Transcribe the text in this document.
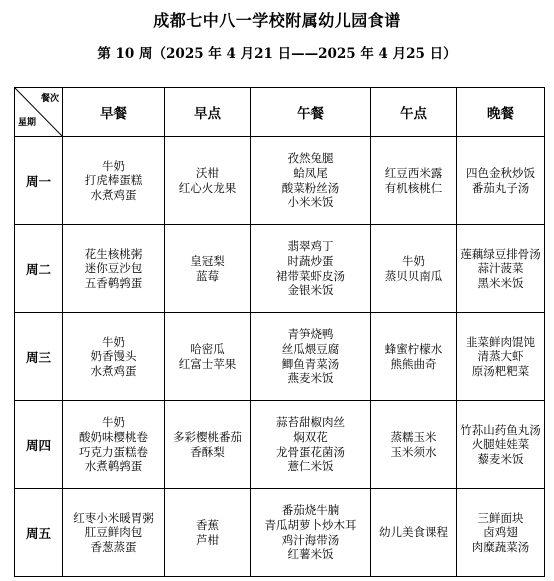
成都七中八一学校附属幼儿园食谱
第 10 周（2025 年 4 月21 日——2025 年 4 月25 日）
餐次
星期	早餐	早点	午餐	午点	晚餐
周一	牛奶
打虎棒蛋糕
水煮鸡蛋	沃柑
红心火龙果	孜然兔腿
蛤凤尾
酸菜粉丝汤
小米米饭	红豆西米露
有机核桃仁	四色金秋炒饭
番茄丸子汤

周二	花生核桃粥
迷你豆沙包
五香鹌鹑蛋	皇冠梨
蓝莓	翡翠鸡丁
时蔬炒蛋
裙带菜虾皮汤
金银米饭	牛奶
蒸贝贝南瓜	莲藕绿豆排骨汤
蒜汁菠菜
黑米米饭

周三	牛奶
奶香馒头
水煮鸡蛋	哈密瓜
红富士苹果	青笋烧鸭
丝瓜煨豆腐
鲫鱼青菜汤
燕麦米饭	蜂蜜柠檬水
熊熊曲奇	韭菜鲜肉馄饨
清蒸大虾
原汤粑粑菜

周四	牛奶
酸奶味樱桃卷
巧克力蛋糕卷
水煮鹌鹑蛋	多彩樱桃番茄
香酥梨	蒜苔甜椒肉丝
焖双花
龙骨蛋花菌汤
薏仁米饭	蒸糯玉米
玉米须水	竹荪山药鱼丸汤
火腿娃娃菜
藜麦米饭

周五	红枣小米暖胃粥
肛豆鲜肉包
香葱蒸蛋	香蕉
芦柑	番茄烧牛腩
青瓜胡萝卜炒木耳
鸡汁海带汤
红薯米饭	幼儿美食课程	三鲜面块
卤鸡翅
肉糜蔬菜汤
